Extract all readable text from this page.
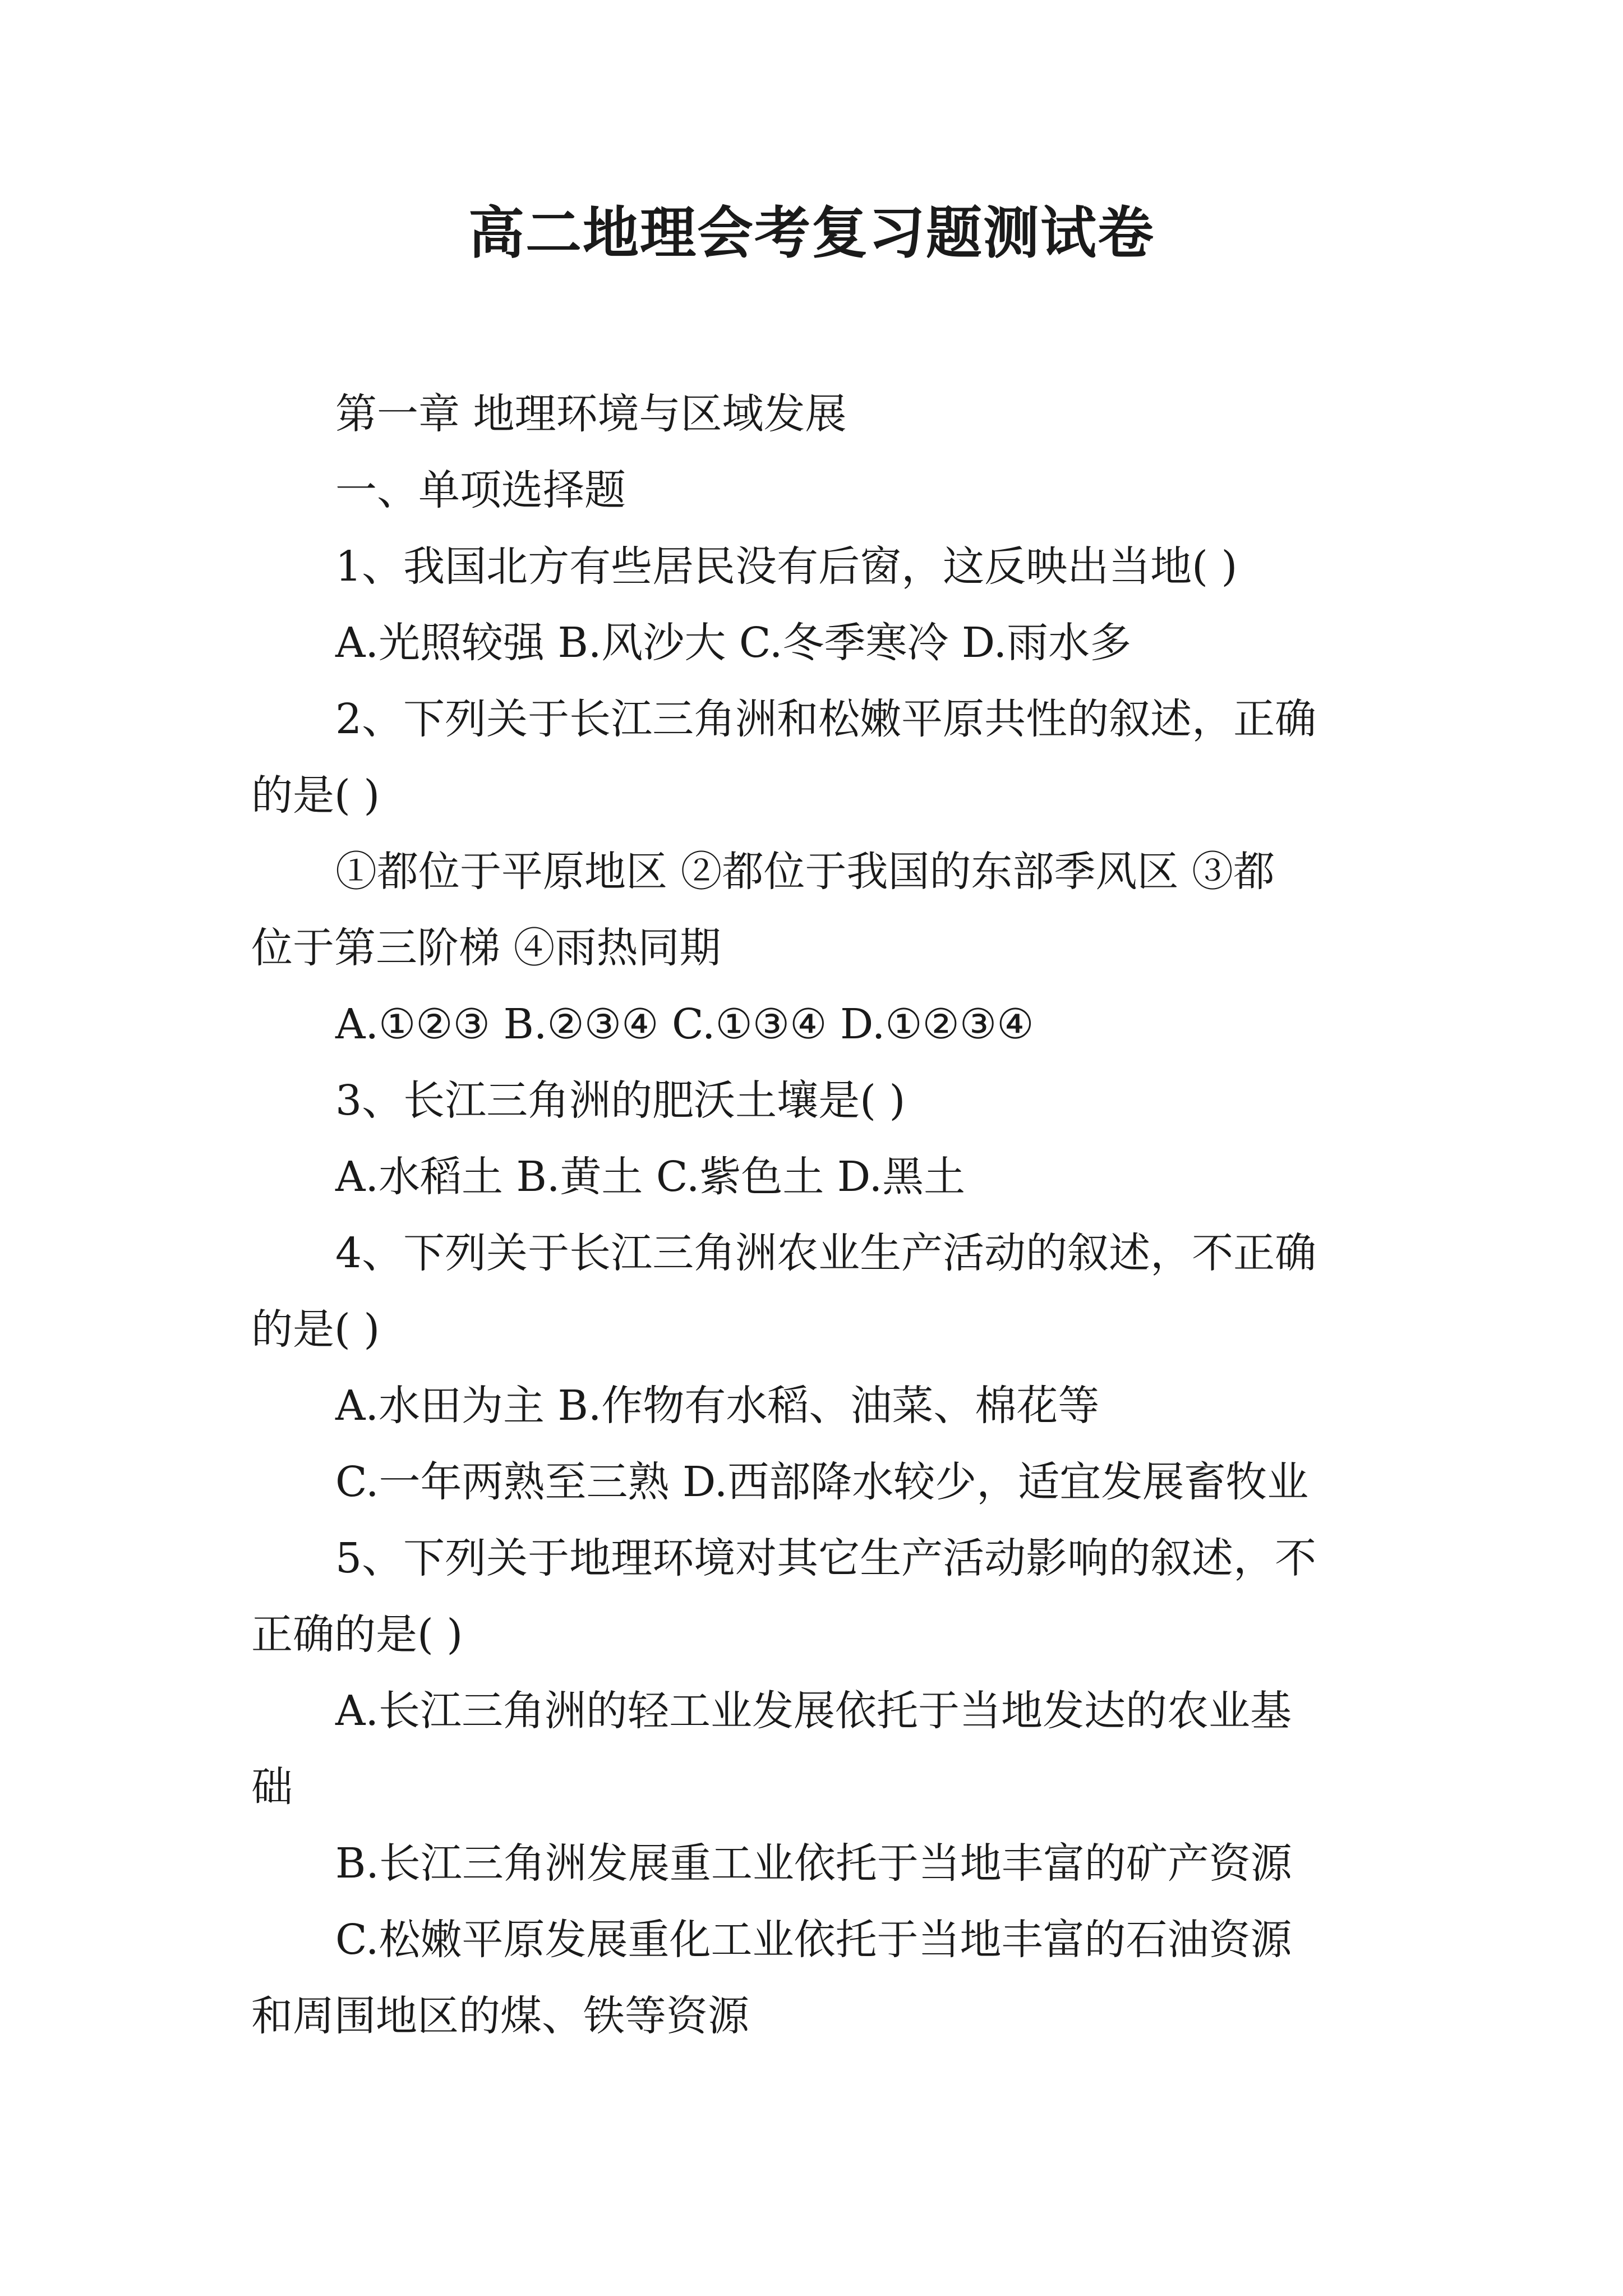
高二地理会考复习题测试卷
第一章 地理环境与区域发展
一、单项选择题
1、我国北方有些居民没有后窗，这反映出当地( )
A.光照较强 B.风沙大 C.冬季寒冷 D.雨水多
2、下列关于长江三角洲和松嫩平原共性的叙述，正确
的是( )
①都位于平原地区 ②都位于我国的东部季风区 ③都
位于第三阶梯 ④雨热同期
A.①②③ B.②③④ C.①③④ D.①②③④
3、长江三角洲的肥沃土壤是( )
A.水稻土 B.黄土 C.紫色土 D.黑土
4、下列关于长江三角洲农业生产活动的叙述，不正确
的是( )
A.水田为主 B.作物有水稻、油菜、棉花等
C.一年两熟至三熟 D.西部降水较少，适宜发展畜牧业
5、下列关于地理环境对其它生产活动影响的叙述，不
正确的是( )
A.长江三角洲的轻工业发展依托于当地发达的农业基
础
B.长江三角洲发展重工业依托于当地丰富的矿产资源
C.松嫩平原发展重化工业依托于当地丰富的石油资源
和周围地区的煤、铁等资源
